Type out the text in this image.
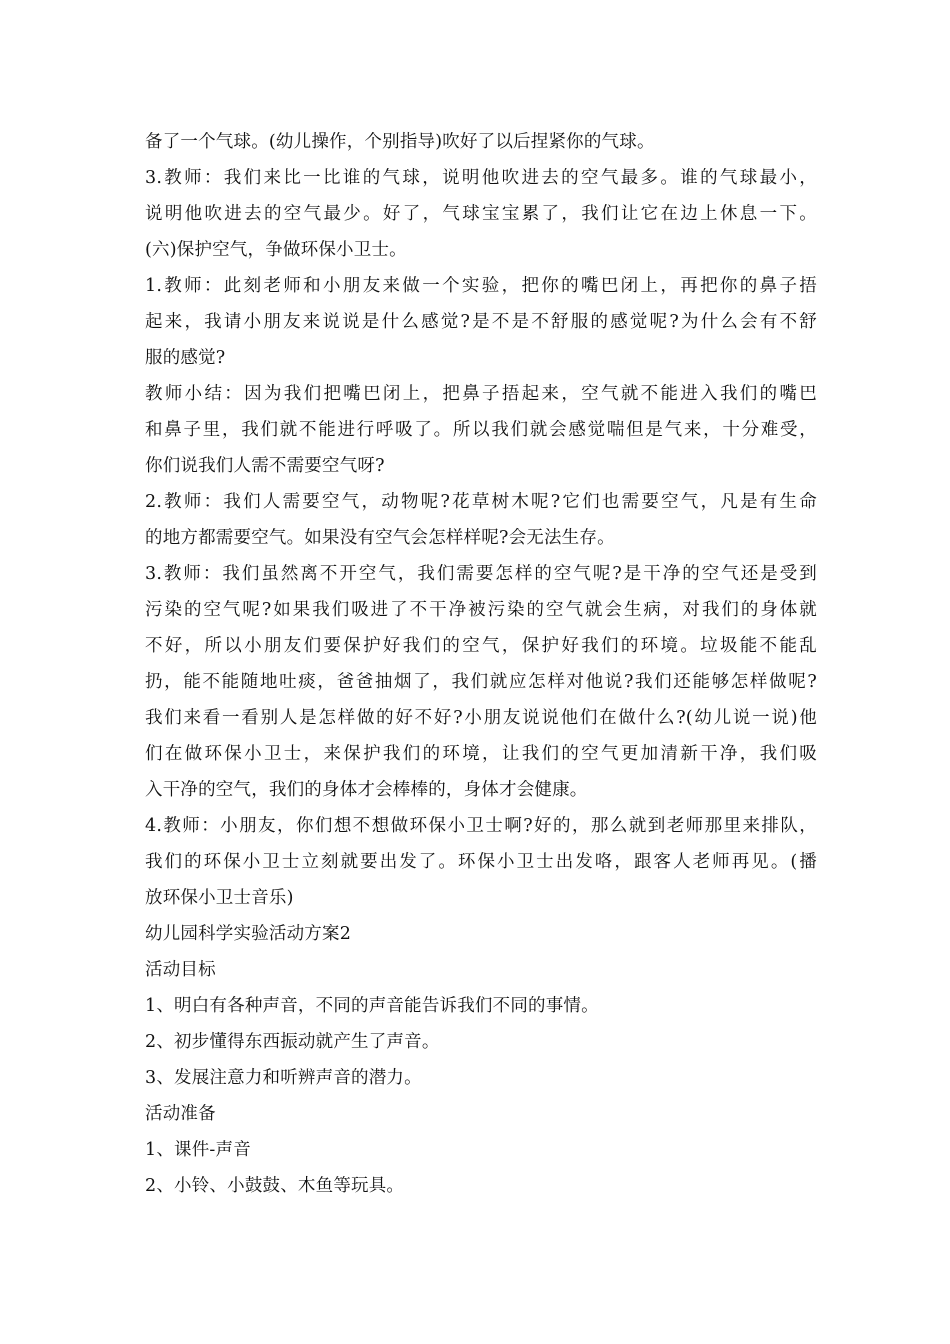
备了一个气球。(幼儿操作，个别指导)吹好了以后捏紧你的气球。
3.教师：我们来比一比谁的气球，说明他吹进去的空气最多。谁的气球最小，
说明他吹进去的空气最少。好了，气球宝宝累了，我们让它在边上休息一下。
(六)保护空气，争做环保小卫士。
1.教师：此刻老师和小朋友来做一个实验，把你的嘴巴闭上，再把你的鼻子捂
起来，我请小朋友来说说是什么感觉?是不是不舒服的感觉呢?为什么会有不舒
服的感觉?
教师小结：因为我们把嘴巴闭上，把鼻子捂起来，空气就不能进入我们的嘴巴
和鼻子里，我们就不能进行呼吸了。所以我们就会感觉喘但是气来，十分难受，
你们说我们人需不需要空气呀?
2.教师：我们人需要空气，动物呢?花草树木呢?它们也需要空气，凡是有生命
的地方都需要空气。如果没有空气会怎样样呢?会无法生存。
3.教师：我们虽然离不开空气，我们需要怎样的空气呢?是干净的空气还是受到
污染的空气呢?如果我们吸进了不干净被污染的空气就会生病，对我们的身体就
不好，所以小朋友们要保护好我们的空气，保护好我们的环境。垃圾能不能乱
扔，能不能随地吐痰，爸爸抽烟了，我们就应怎样对他说?我们还能够怎样做呢?
我们来看一看别人是怎样做的好不好?小朋友说说他们在做什么?(幼儿说一说)他
们在做环保小卫士，来保护我们的环境，让我们的空气更加清新干净，我们吸
入干净的空气，我们的身体才会棒棒的，身体才会健康。
4.教师：小朋友，你们想不想做环保小卫士啊?好的，那么就到老师那里来排队，
我们的环保小卫士立刻就要出发了。环保小卫士出发咯，跟客人老师再见。(播
放环保小卫士音乐)
幼儿园科学实验活动方案2
活动目标
1、明白有各种声音，不同的声音能告诉我们不同的事情。
2、初步懂得东西振动就产生了声音。
3、发展注意力和听辨声音的潜力。
活动准备
1、课件-声音
2、小铃、小鼓鼓、木鱼等玩具。
